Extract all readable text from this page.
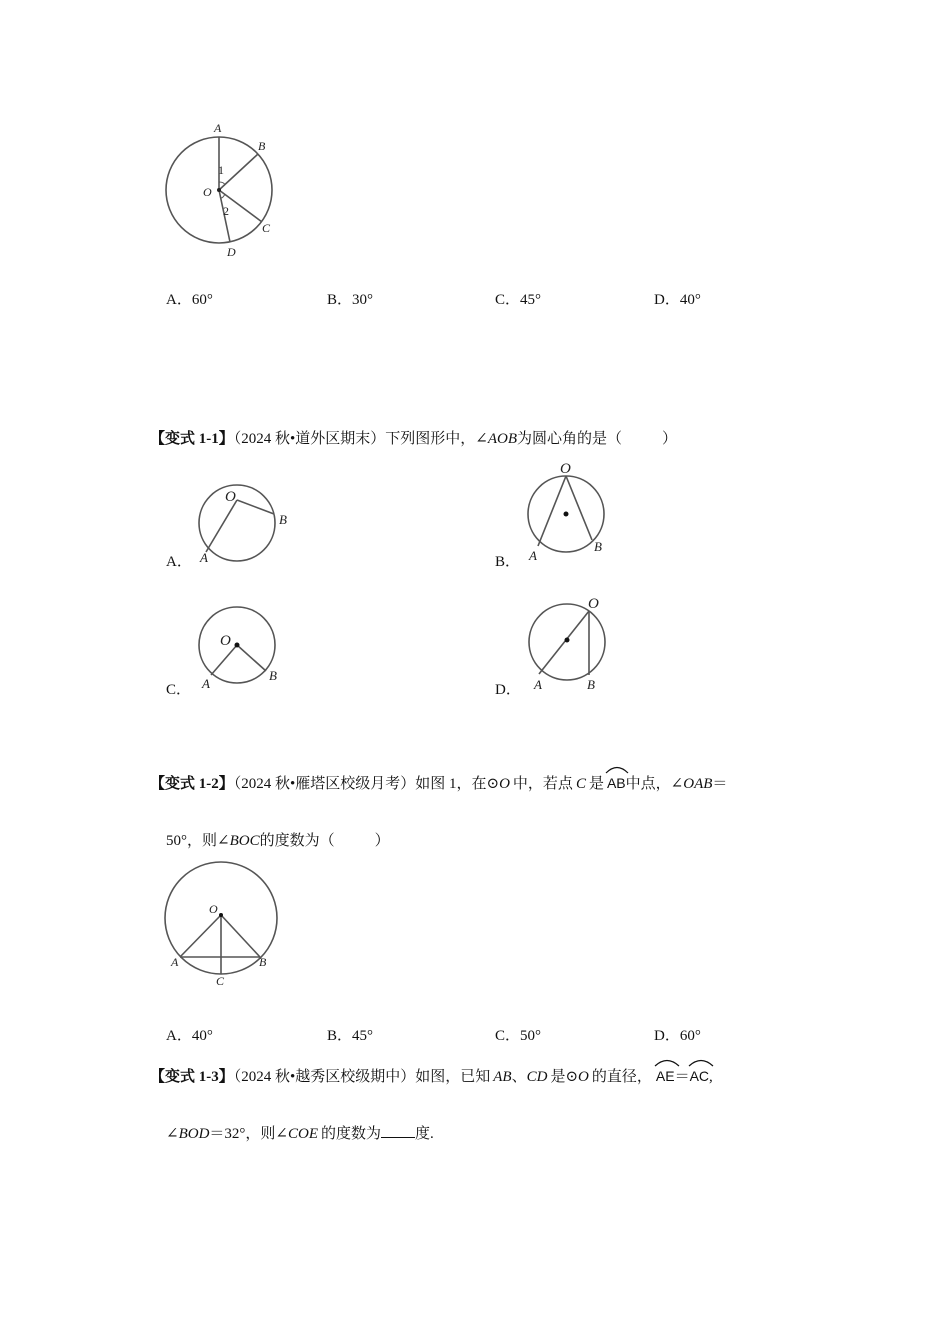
A
B
C
D
O
1
2
A．60°	B．30°	C．45°	D．40°
【变式 1-1】（2024 秋•道外区期末）下列图形中，∠AOB为圆心角的是（	）
A．
O
A
B
B．
O
A
B
C．
O
A
B
D．
O
A	B
【变式 1-2】（2024 秋•雁塔区校级月考）如图 1，在⊙O 中，若点 C 是 AB中点，∠OAB＝
50°，则∠BOC的度数为（	）
O
A	B
C
A．40°	B．45°	C．50°	D．60°
【变式 1-3】（2024 秋•越秀区校级期中）如图，已知 AB、CD 是⊙O 的直径， AE＝
AC,
∠BOD＝32°，则∠COE 的度数为 度.
